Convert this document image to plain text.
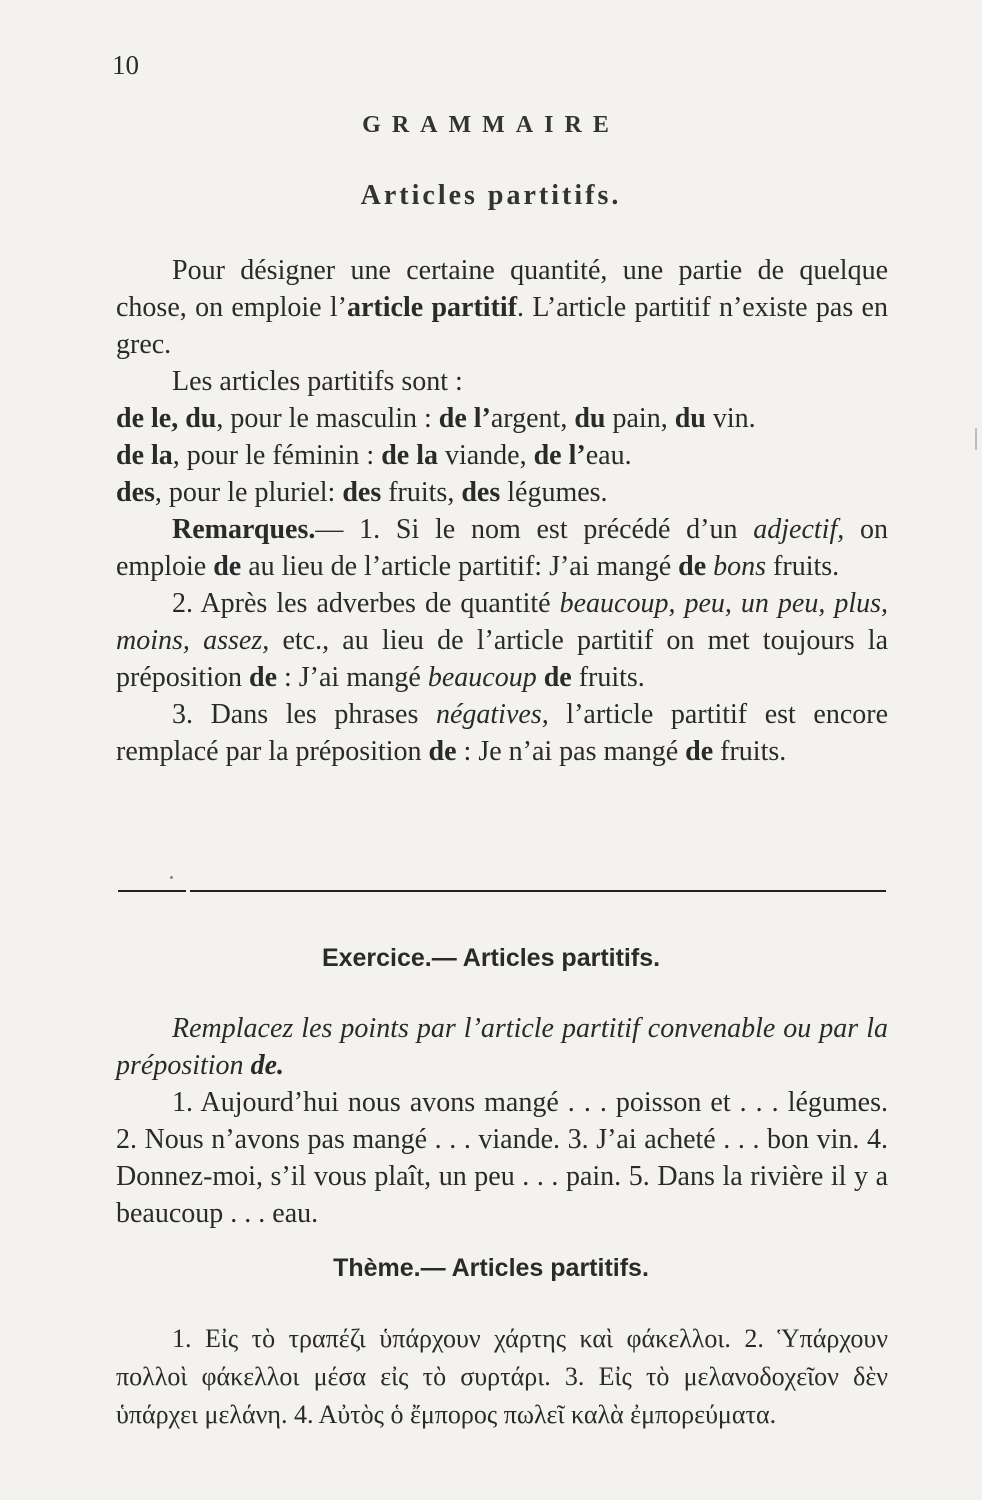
10
GRAMMAIRE
Articles partitifs.

Pour désigner une certaine quantité, une partie de quelque chose, on emploie l’article partitif. L’article partitif n’existe pas en grec.

Les articles partitifs sont :

de le, du, pour le masculin : de l’argent, du pain, du vin.

de la, pour le féminin : de la viande, de l’eau.

des, pour le pluriel: des fruits, des légumes.

Remarques.— 1. Si le nom est précédé d’un adjectif, on emploie de au lieu de l’article partitif: J’ai mangé de bons fruits.

2. Après les adverbes de quantité beaucoup, peu, un peu, plus, moins, assez, etc., au lieu de l’article partitif on met toujours la préposition de : J’ai mangé beaucoup de fruits.

3. Dans les phrases négatives, l’article partitif est encore remplacé par la préposition de : Je n’ai pas mangé de fruits.

Exercice.— Articles partitifs.

Remplacez les points par l’article partitif convenable ou par la préposition de.

1. Aujourd’hui nous avons mangé . . . poisson et . . . légumes. 2. Nous n’avons pas mangé . . . viande. 3. J’ai acheté . . . bon vin. 4. Donnez-moi, s’il vous plaît, un peu . . . pain. 5. Dans la rivière il y a beaucoup . . . eau.

Thème.— Articles partitifs.

1. Εἰς τὸ τραπέζι ὑπάρχουν χάρτης καὶ φάκελλοι. 2. Ὑπάρχουν πολλοὶ φάκελλοι μέσα εἰς τὸ συρτάρι. 3. Εἰς τὸ μελανοδοχεῖον δὲν ὑπάρχει μελάνη. 4. Αὐτὸς ὁ ἔμπορος πωλεῖ καλὰ ἐμπορεύματα.
